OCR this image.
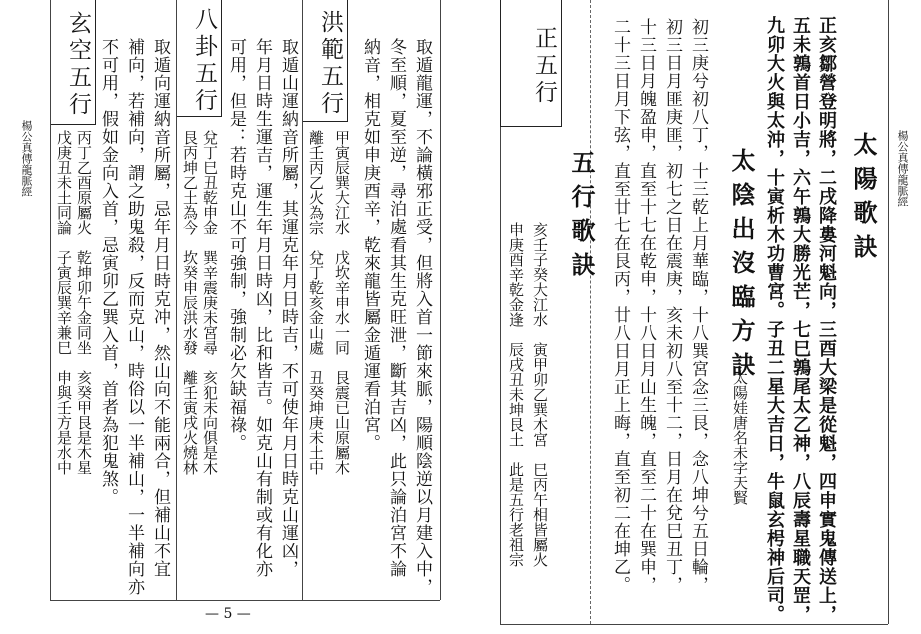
楊公真傳龍脈經
玄空五行	八卦五行	洪範五行	取遁龍運，不論橫邪正受，但將入首一節來脈，陽順陰逆以月建入中，
冬至順，夏至逆，尋泊處看其生克旺泄，斷其吉凶，此只論泊宮不論
納音，相克如申庚酉辛，乾來龍皆屬金遁運看泊宮。
甲寅辰巽大江水　戊坎辛申水一同　艮震已山原屬木
離壬丙乙火為宗　兌丁乾亥金山處　丑癸坤庚未土中
取遁山運納音所屬，其運克年月日時吉，不可使年月日時克山運凶，
年月日時生運吉，運生年月日時凶，比和皆吉。如克山有制或有化亦
可用，但是：若時克山不可強制，強制必欠缺福祿。
兌丁巳丑乾申金　巽辛震庚未宮尋　亥犯未向俱是木
艮丙坤乙土為今　坎癸申辰洪水發　離壬寅戌火燒林
取遁向運納音所屬，忌年月日時克冲，然山向不能兩合，但補山不宜
補向，若補向，謂之助鬼殺，反而克山，時俗以一半補山，一半補向亦
不可用，假如金向入首，忌寅卯乙巽入首，首者為犯鬼煞。
丙丁乙酉原屬火　乾坤卯午金同坐　亥癸甲艮是木星
戊庚丑未土同論　子寅辰巽辛兼巳　申與壬方是水中
— 5 —
楊公真傳龍脈經
太陽歌訣
正亥鄒營登明將，二戌降婁河魁向，三酉大梁是從魁，四申實鬼傳送上，
五未鶉首日小吉，六午鶉大勝光芒，七巳鶉尾太乙神，八辰壽星職天罡，
九卯大火與太沖，十寅析木功曹宮。子丑二星大吉日，牛鼠玄枵神后司。
太陰出沒臨方訣
太陽娃唐名未字天賢
初三庚兮初八丁，十三乾上月華臨，十八巽宮念三艮，念八坤兮五日輪，
初三日月匪庚匪，初七之日在震庚，亥未初八至十二，日月在兌巳丑丁，
十三日月魄盈申，直至十七在乾申，十八日月山生魄，直至二十在巽申，
二十三日月下弦，直至廿七在艮丙，廿八日月正上晦，直至初二在坤乙。
五行歌訣
正五行
亥壬子癸大江水　寅甲卯乙巽木宮　巳丙午相皆屬火
申庚酉辛乾金逢　辰戌丑未坤艮土　此是五行老祖宗
